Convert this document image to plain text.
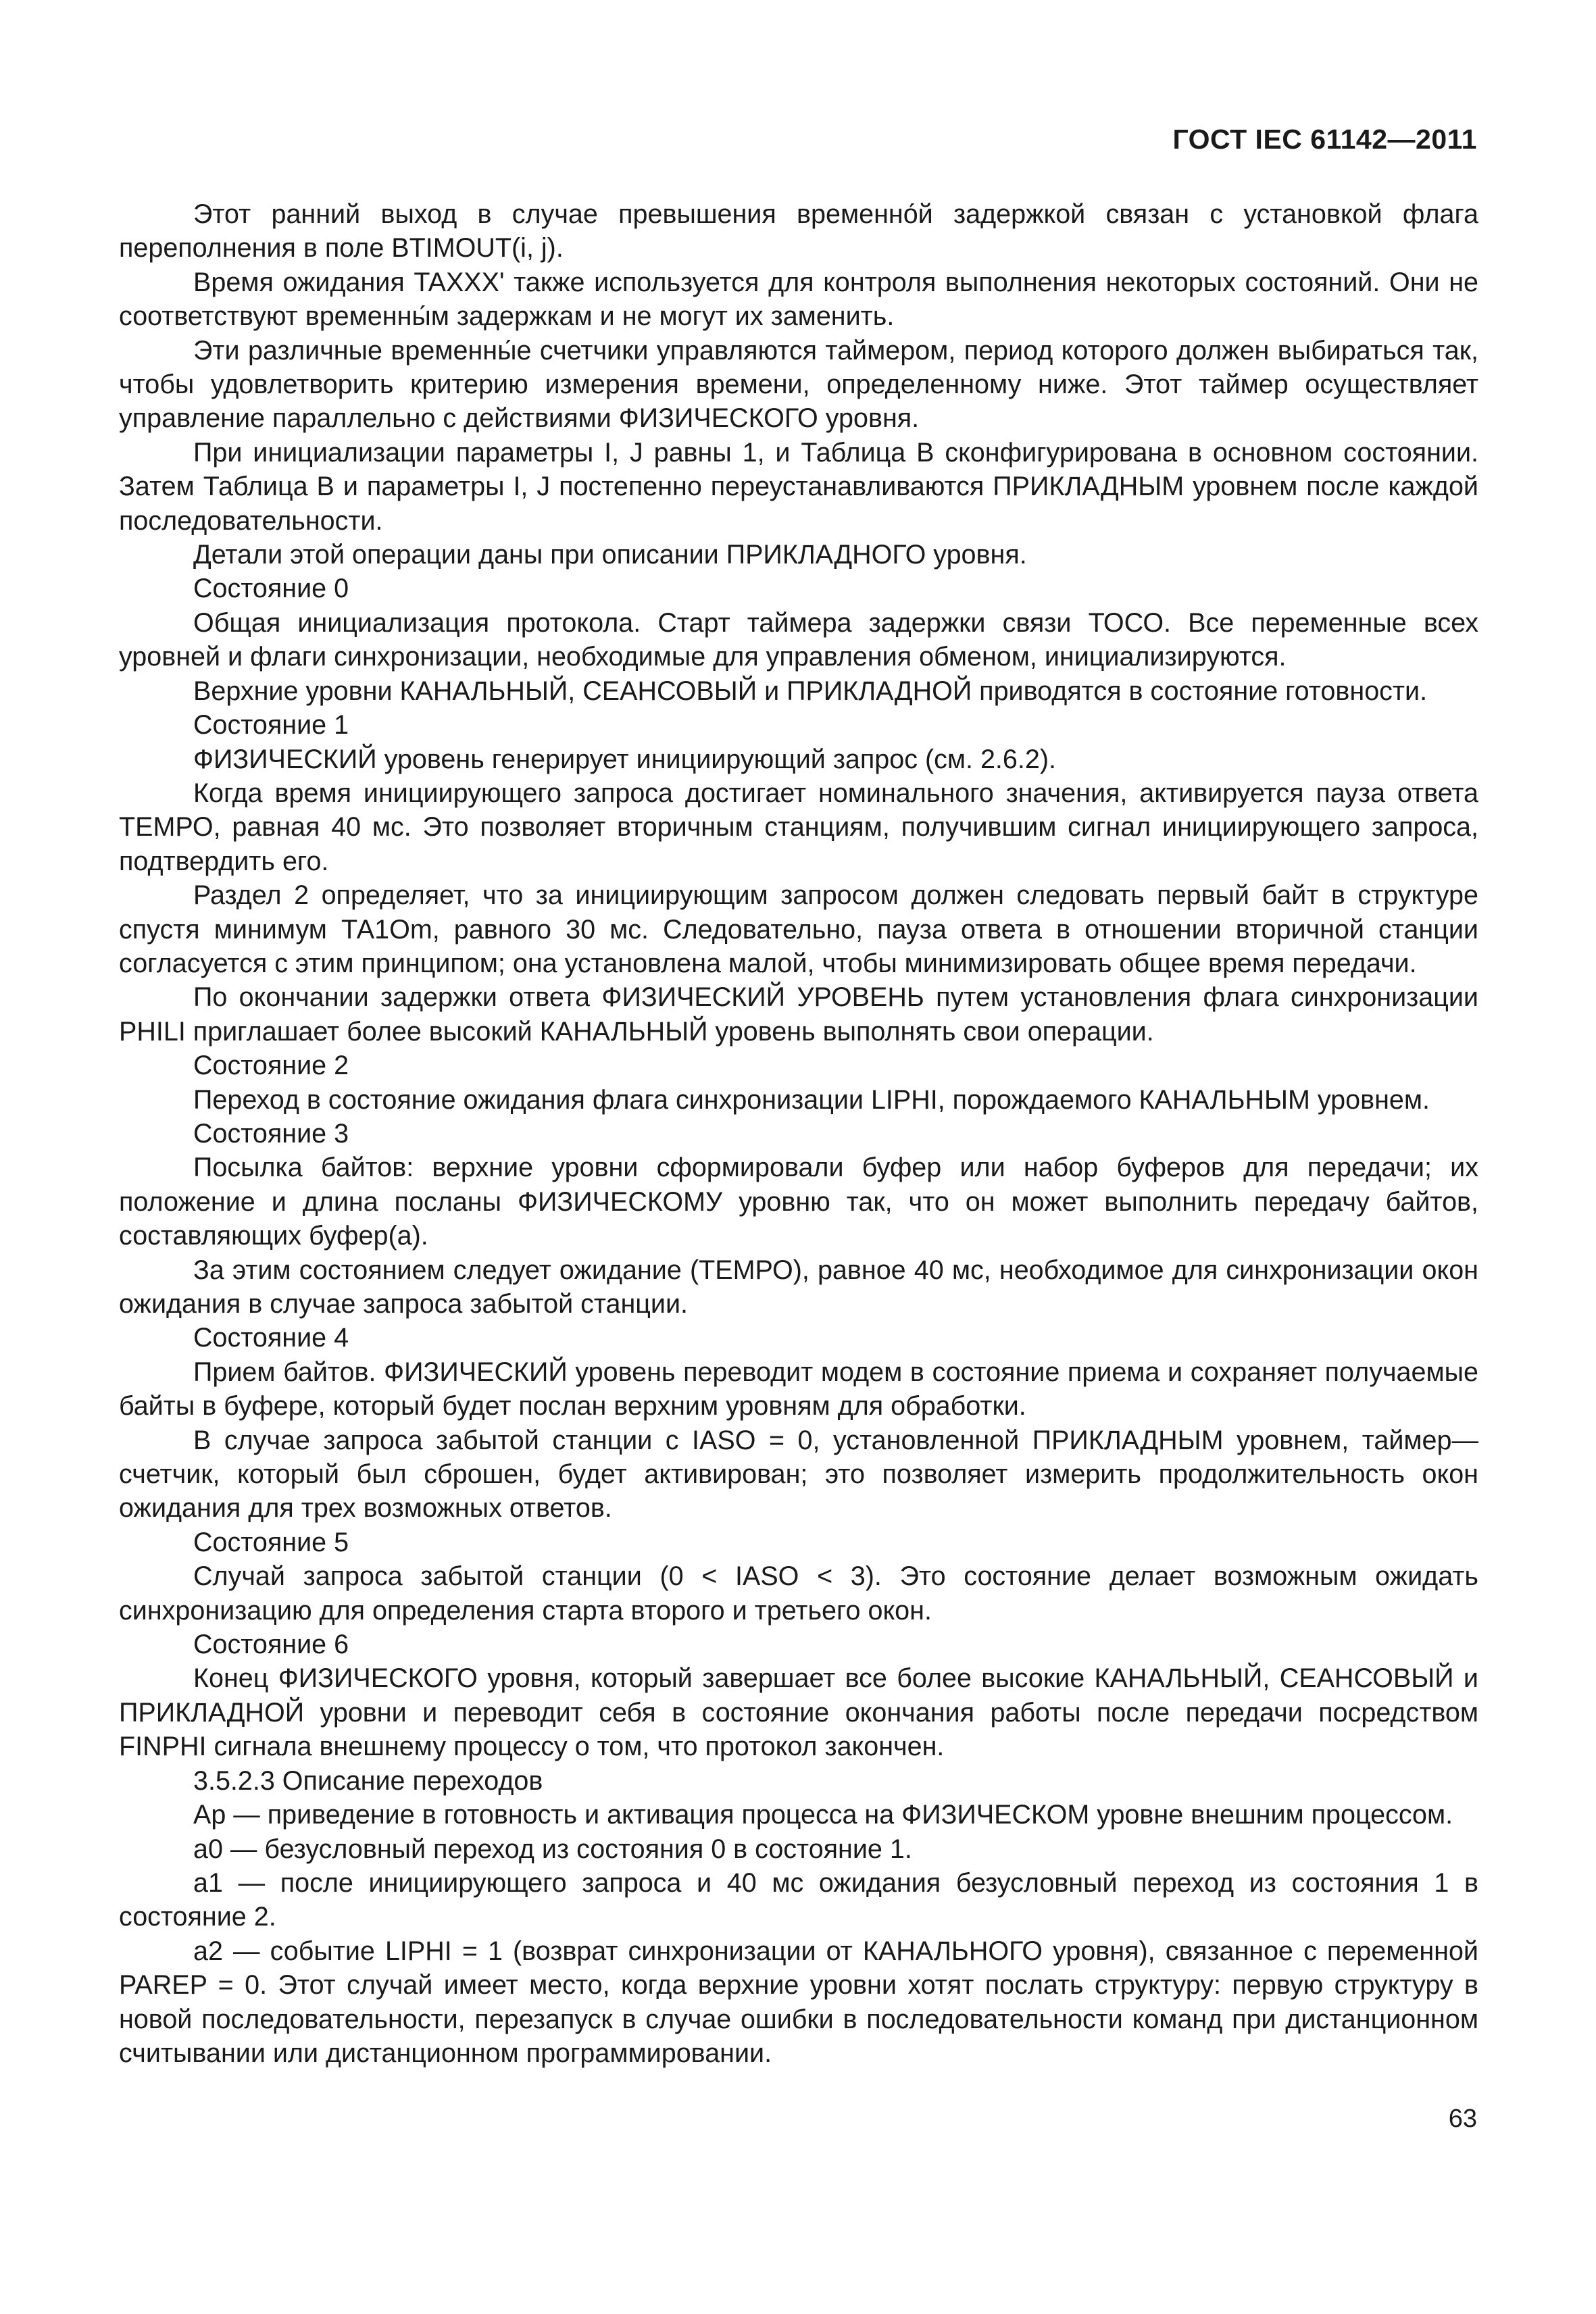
ГОСТ IEC 61142—2011

Этот ранний выход в случае превышения временно́й задержкой связан с установкой флага переполнения в поле BTIMOUT(i, j).

Время ожидания TAXXX' также используется для контроля выполнения некоторых состояний. Они не соответствуют временны́м задержкам и не могут их заменить.

Эти различные временны́е счетчики управляются таймером, период которого должен выбираться так, чтобы удовлетворить критерию измерения времени, определенному ниже. Этот таймер осуществляет управление параллельно с действиями ФИЗИЧЕСКОГО уровня.

При инициализации параметры I, J равны 1, и Таблица В сконфигурирована в основном состоянии. Затем Таблица В и параметры I, J постепенно переустанавливаются ПРИКЛАДНЫМ уровнем после каждой последовательности.

Детали этой операции даны при описании ПРИКЛАДНОГО уровня.

Состояние 0

Общая инициализация протокола. Старт таймера задержки связи ТОСО. Все переменные всех уровней и флаги синхронизации, необходимые для управления обменом, инициализируются.

Верхние уровни КАНАЛЬНЫЙ, СЕАНСОВЫЙ и ПРИКЛАДНОЙ приводятся в состояние готовности.

Состояние 1

ФИЗИЧЕСКИЙ уровень генерирует инициирующий запрос (см. 2.6.2).

Когда время инициирующего запроса достигает номинального значения, активируется пауза ответа ТЕМРО, равная 40 мс. Это позволяет вторичным станциям, получившим сигнал инициирующего запроса, подтвердить его.

Раздел 2 определяет, что за инициирующим запросом должен следовать первый байт в структуре спустя минимум ТА1Оm, равного 30 мс. Следовательно, пауза ответа в отношении вторичной станции согласуется с этим принципом; она установлена малой, чтобы минимизировать общее время передачи.

По окончании задержки ответа ФИЗИЧЕСКИЙ УРОВЕНЬ путем установления флага синхронизации PHILI приглашает более высокий КАНАЛЬНЫЙ уровень выполнять свои операции.

Состояние 2

Переход в состояние ожидания флага синхронизации LIPHI, порождаемого КАНАЛЬНЫМ уровнем.

Состояние 3

Посылка байтов: верхние уровни сформировали буфер или набор буферов для передачи; их положение и длина посланы ФИЗИЧЕСКОМУ уровню так, что он может выполнить передачу байтов, составляющих буфер(а).

За этим состоянием следует ожидание (ТЕМРО), равное 40 мс, необходимое для синхронизации окон ожидания в случае запроса забытой станции.

Состояние 4

Прием байтов. ФИЗИЧЕСКИЙ уровень переводит модем в состояние приема и сохраняет получаемые байты в буфере, который будет послан верхним уровням для обработки.

В случае запроса забытой станции с IASO = 0, установленной ПРИКЛАДНЫМ уровнем, таймер—счетчик, который был сброшен, будет активирован; это позволяет измерить продолжительность окон ожидания для трех возможных ответов.

Состояние 5

Случай запроса забытой станции (0 < IASO < 3). Это состояние делает возможным ожидать синхронизацию для определения старта второго и третьего окон.

Состояние 6

Конец ФИЗИЧЕСКОГО уровня, который завершает все более высокие КАНАЛЬНЫЙ, СЕАНСОВЫЙ и ПРИКЛАДНОЙ уровни и переводит себя в состояние окончания работы после передачи посредством FINPHI сигнала внешнему процессу о том, что протокол закончен.

3.5.2.3 Описание переходов

Ар — приведение в готовность и активация процесса на ФИЗИЧЕСКОМ уровне внешним процессом.

а0 — безусловный переход из состояния 0 в состояние 1.

а1 — после инициирующего запроса и 40 мс ожидания безусловный переход из состояния 1 в состояние 2.

а2 — событие LIPHI = 1 (возврат синхронизации от КАНАЛЬНОГО уровня), связанное с переменной PAREP = 0. Этот случай имеет место, когда верхние уровни хотят послать структуру: первую структуру в новой последовательности, перезапуск в случае ошибки в последовательности команд при дистанционном считывании или дистанционном программировании.

63
